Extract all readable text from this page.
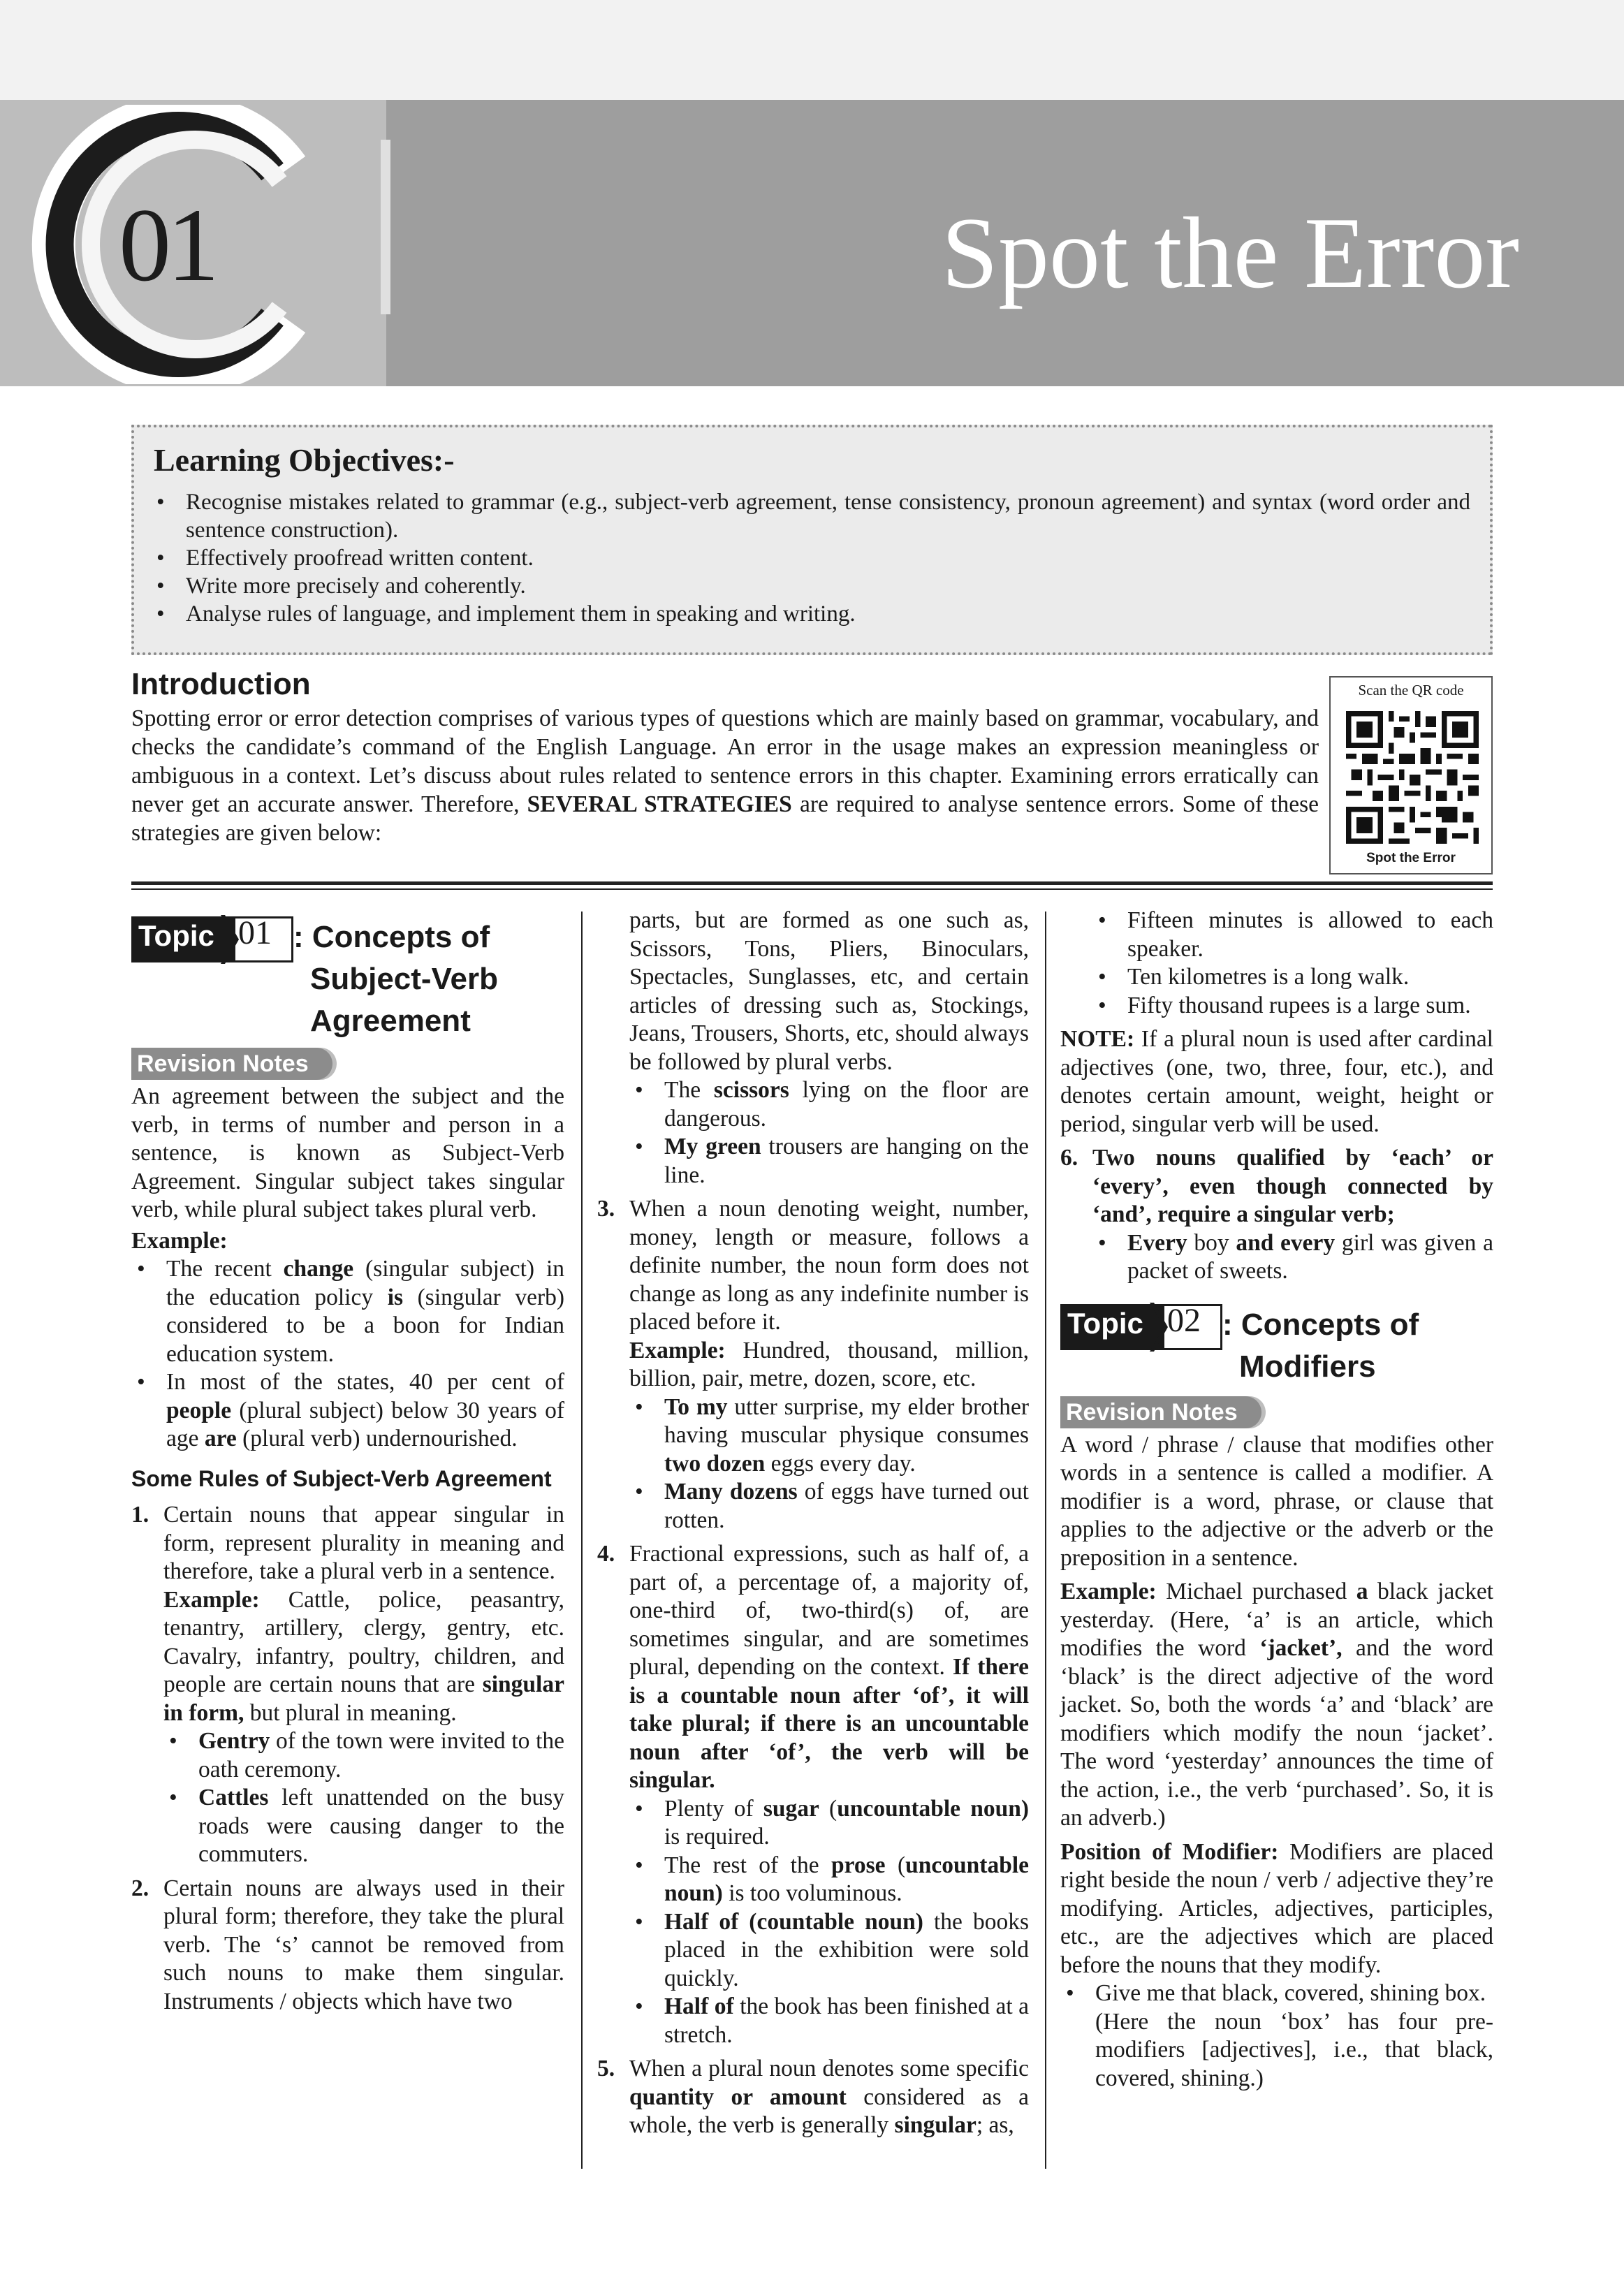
01	Spot the Error
Learning Objectives:-
• Recognise mistakes related to grammar (e.g., subject-verb agreement, tense consistency, pronoun agreement) and syntax (word order and sentence construction).
• Effectively proofread written content.
• Write more precisely and coherently.
• Analyse rules of language, and implement them in speaking and writing.
Introduction

Spotting error or error detection comprises of various types of questions which are mainly based on grammar, vocabulary, and checks the candidate’s command of the English Language. An error in the usage makes an expression meaningless or ambiguous in a context. Let’s discuss about rules related to sentence errors in this chapter. Examining errors erratically can never get an accurate answer. Therefore, SEVERAL STRATEGIES are required to analyse sentence errors. Some of these strategies are given below:

Scan the QR code
Spot the Error
Topic 01 : Concepts of
Subject-Verb
Agreement
Revision Notes

An agreement between the subject and the verb, in terms of number and person in a sentence, is known as Subject-Verb Agreement. Singular subject takes singular verb, while plural subject takes plural verb.

Example:
• The recent change (singular subject) in the education policy is (singular verb) considered to be a boon for Indian education system.
• In most of the states, 40 per cent of people (plural subject) below 30 years of age are (plural verb) undernourished.
Some Rules of Subject-Verb Agreement
1. Certain nouns that appear singular in form, represent plurality in meaning and therefore, take a plural verb in a sentence.

Example: Cattle, police, peasantry, tenantry, artillery, clergy, gentry, etc. Cavalry, infantry, poultry, children, and people are certain nouns that are singular in form, but plural in meaning.

• Gentry of the town were invited to the oath ceremony.
• Cattles left unattended on the busy roads were causing danger to the commuters.
2. Certain nouns are always used in their plural form; therefore, they take the plural verb. The ‘s’ cannot be removed from such nouns to make them singular. Instruments / objects which have two

parts, but are formed as one such as, Scissors, Tons, Pliers, Binoculars, Spectacles, Sunglasses, etc, and certain articles of dressing such as, Stockings, Jeans, Trousers, Shorts, etc, should always be followed by plural verbs.

• The scissors lying on the floor are dangerous.
• My green trousers are hanging on the line.
3. When a noun denoting weight, number, money, length or measure, follows a definite number, the noun form does not change as long as any indefinite number is placed before it.

Example: Hundred, thousand, million, billion, pair, metre, dozen, score, etc.

• To my utter surprise, my elder brother having muscular physique consumes two dozen eggs every day.
• Many dozens of eggs have turned out rotten.
4. Fractional expressions, such as half of, a part of, a percentage of, a majority of, one-third of, two-third(s) of, are sometimes singular, and are sometimes plural, depending on the context. If there is a countable noun after ‘of’, it will take plural; if there is an uncountable noun after ‘of’, the verb will be singular.

• Plenty of sugar (uncountable noun) is required.
• The rest of the prose (uncountable noun) is too voluminous.
• Half of (countable noun) the books placed in the exhibition were sold quickly.
• Half of the book has been finished at a stretch.
5. When a plural noun denotes some specific quantity or amount considered as a whole, the verb is generally singular; as,

• Fifteen minutes is allowed to each speaker.
• Ten kilometres is a long walk.
• Fifty thousand rupees is a large sum.

NOTE: If a plural noun is used after cardinal adjectives (one, two, three, four, etc.), and denotes certain amount, weight, height or period, singular verb will be used.

6. Two nouns qualified by ‘each’ or ‘every’, even though connected by ‘and’, require a singular verb;

• Every boy and every girl was given a packet of sweets.
Topic 02 : Concepts of
Modifiers
Revision Notes

A word / phrase / clause that modifies other words in a sentence is called a modifier. A modifier is a word, phrase, or clause that applies to the adjective or the adverb or the preposition in a sentence.

Example: Michael purchased a black jacket yesterday. (Here, ‘a’ is an article, which modifies the word ‘jacket’, and the word ‘black’ is the direct adjective of the word jacket. So, both the words ‘a’ and ‘black’ are modifiers which modify the noun ‘jacket’. The word ‘yesterday’ announces the time of the action, i.e., the verb ‘purchased’. So, it is an adverb.)

Position of Modifier: Modifiers are placed right beside the noun / verb / adjective they’re modifying. Articles, adjectives, participles, etc., are the adjectives which are placed before the nouns that they modify.

• Give me that black, covered, shining box.
(Here the noun ‘box’ has four pre-modifiers [adjectives], i.e., that black, covered, shining.)
